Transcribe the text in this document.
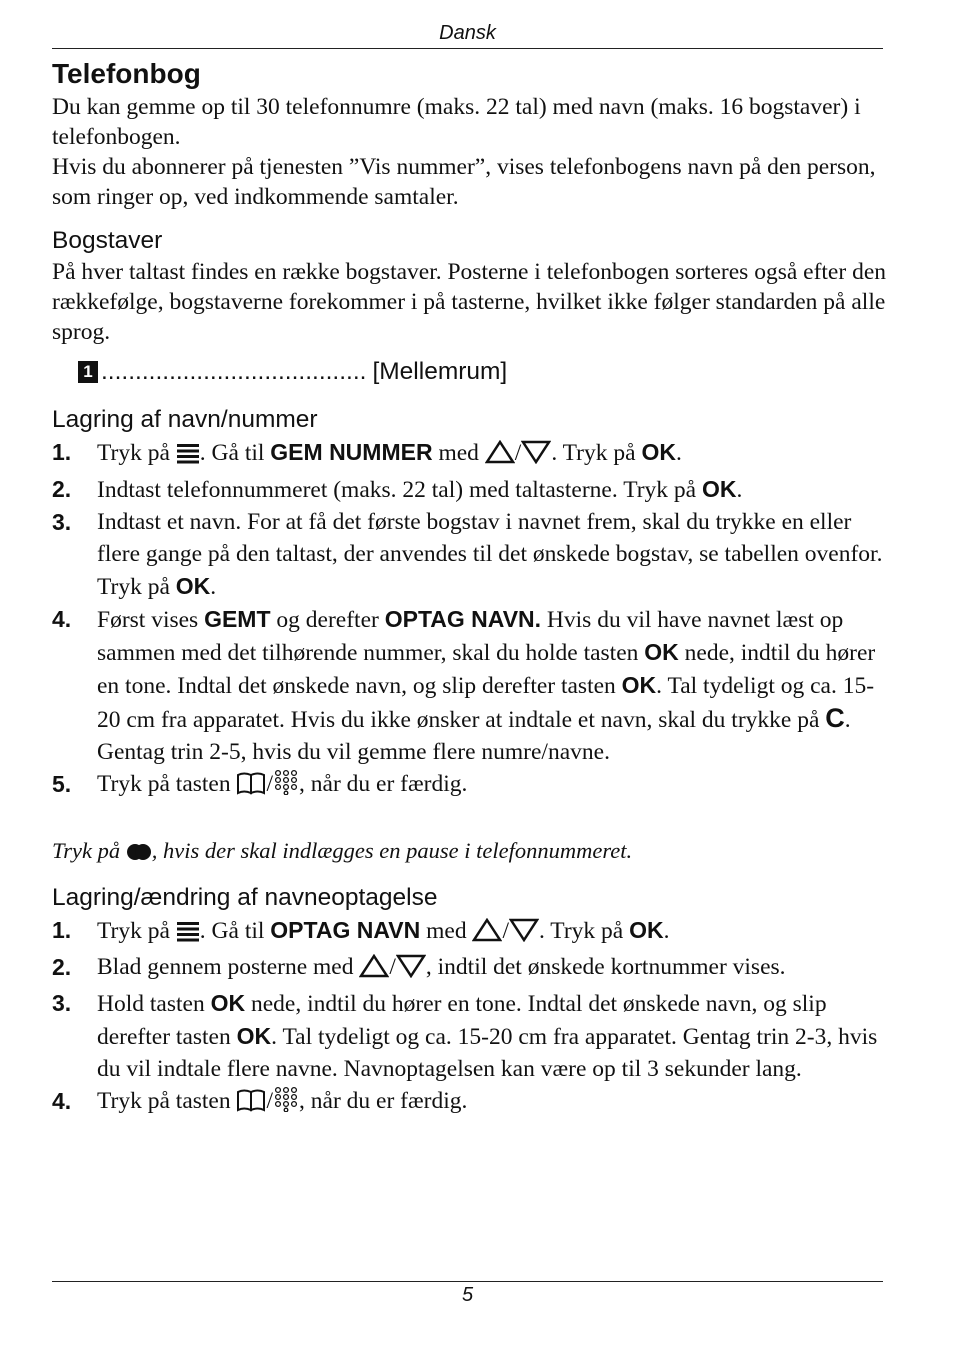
Dansk
Telefonbog
Du kan gemme op til 30 telefonnumre (maks. 22 tal) med navn (maks. 16 bogstaver) i telefonbogen.
Hvis du abonnerer på tjenesten ”Vis nummer”, vises telefonbogens navn på den person, som ringer op, ved indkommende samtaler.
Bogstaver
På hver taltast findes en række bogstaver. Posterne i telefonbogen sorteres også efter den rækkefølge, bogstaverne forekommer i på tasterne, hvilket ikke følger standarden på alle sprog.
1 ....................................... [Mellemrum]
Lagring af navn/nummer
1. Tryk på . Gå til GEM NUMMER med / . Tryk på OK.
2. Indtast telefonnummeret (maks. 22 tal) med taltasterne. Tryk på OK.
3. Indtast et navn. For at få det første bogstav i navnet frem, skal du trykke en eller flere gange på den taltast, der anvendes til det ønskede bogstav, se tabellen ovenfor. Tryk på OK.
4. Først vises GEMT og derefter OPTAG NAVN. Hvis du vil have navnet læst op sammen med det tilhørende nummer, skal du holde tasten OK nede, indtil du hører en tone. Indtal det ønskede navn, og slip derefter tasten OK. Tal tydeligt og ca. 15-20 cm fra apparatet. Hvis du ikke ønsker at indtale et navn, skal du trykke på C.
Gentag trin 2-5, hvis du vil gemme flere numre/navne.
5. Tryk på tasten / , når du er færdig.
Tryk på , hvis der skal indlægges en pause i telefonnummeret.
Lagring/ændring af navneoptagelse
1. Tryk på . Gå til OPTAG NAVN med / . Tryk på OK.
2. Blad gennem posterne med / , indtil det ønskede kortnummer vises.
3. Hold tasten OK nede, indtil du hører en tone. Indtal det ønskede navn, og slip derefter tasten OK. Tal tydeligt og ca. 15-20 cm fra apparatet. Gentag trin 2-3, hvis du vil indtale flere navne. Navnoptagelsen kan være op til 3 sekunder lang.
4. Tryk på tasten / , når du er færdig.
5
